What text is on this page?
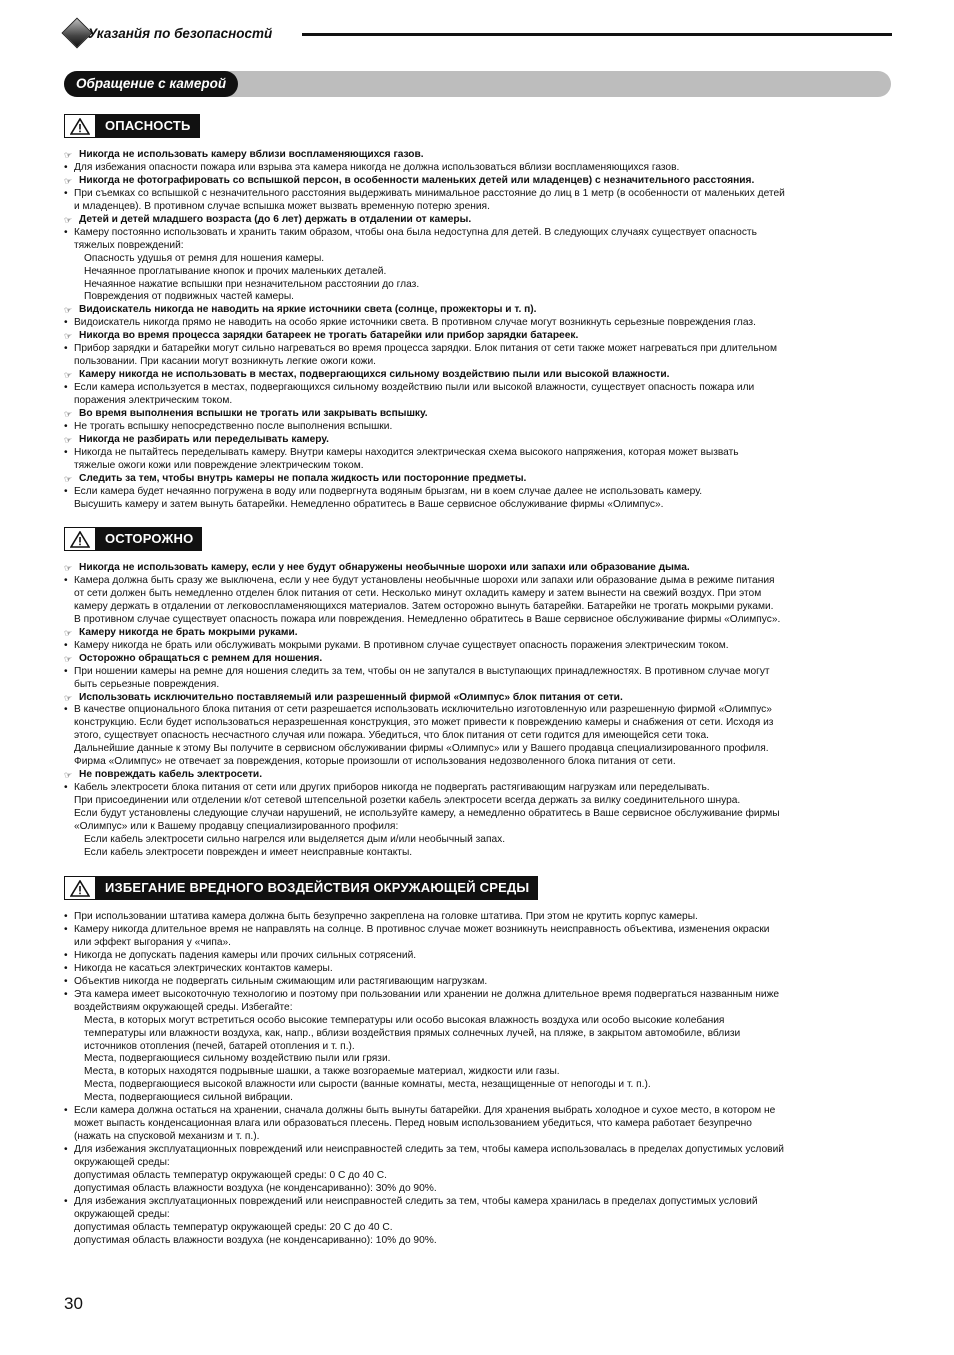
Указанйя по безопасностй
Обращение с камерой
ОПАСНОСТЬ

☞ Никогда не использовать камеру вблизи воспламеняющихся газов.

• Для избежания опасности пожара или взрыва эта камера никогда не должна использоваться вблизи воспламеняющихся газов.

☞ Никогда не фотографировать со вспышкой персон, в особенности маленьких детей или младенцев) с незначительного расстояния.

• При съемках со вспышкой с незначительного расстояния выдерживать минимальное расстояние до лиц в 1 метр (в особенности от маленьких детей

и младенцев). В противном случае вспышка может вызвать временную потерю зрения.

☞ Детей и детей младшего возраста (до 6 лет) держать в отдалении от камеры.

• Камеру постоянно использовать и хранить таким образом, чтобы она была недоступна для детей. В следующих случаях существует опасность

тяжелых повреждений:

Опасность удушья от ремня для ношения камеры.

Нечаянное проглатывание кнопок и прочих маленьких деталей.

Нечаянное нажатие вспышки при незначительном расстоянии до глаз.

Повреждения от подвижных частей камеры.

☞ Видоискатель никогда не наводить на яркие источники света (солнце, прожекторы и т. п).

• Видоискатель никогда прямо не наводить на особо яркие источники света. В противном случае могут возникнуть серьезные повреждения глаз.

☞ Никогда во время процесса зарядки батареек не трогать батарейки или прибор зарядки батареек.

• Прибор зарядки и батарейки могут сильно нагреваться во время процесса зарядки. Блок питания от сети также может нагреваться при длительном

пользовании. При касании могут возникнуть легкие ожоги кожи.

☞ Камеру никогда не использовать в местах, подвергающихся сильному воздействию пыли или высокой влажности.

• Если камера используется в местах, подвергающихся сильному воздействию пыли или высокой влажности, существует опасность пожара или

поражения электрическим током.

☞ Во время выполнения вспышки не трогать или закрывать вспышку.

• Не трогать вспышку непосредственно после выполнения вспышки.

☞ Никогда не разбирать или переделывать камеру.

• Никогда не пытайтесь переделывать камеру. Внутри камеры находится электрическая схема высокого напряжения, которая может вызвать

тяжелые ожоги кожи или повреждение электрическим током.

☞ Следить за тем, чтобы внутрь камеры не попала жидкость или посторонние предметы.

• Если камера будет нечаянно погружена в воду или подвергнута водяным брызгам, ни в коем случае далее не использовать камеру.

Высушить камеру и затем вынуть батарейки. Немедленно обратитесь в Ваше сервисное обслуживание фирмы «Олимпус».

ОСТОРОЖНО

☞ Никогда не использовать камеру, если у нее будут обнаружены необычные шорохи или запахи или образование дыма.

• Камера должна быть сразу же выключена, если у нее будут установлены необычные шорохи или запахи или образование дыма в режиме питания

от сети должен быть немедленно отделен блок питания от сети. Несколько минут охладить камеру и затем вынести на свежий воздух. При этом

камеру держать в отдалении от легковоспламеняющихся материалов. Затем осторожно вынуть батарейки. Батарейки не трогать мокрыми руками.

В противном случае существует опасность пожара или повреждения. Немедленно обратитесь в Ваше сервисное обслуживание фирмы «Олимпус».

☞ Камеру никогда не брать мокрыми руками.

• Камеру никогда не брать или обслуживать мокрыми руками. В противном случае существует опасность поражения электрическим током.

☞ Осторожно обращаться с ремнем для ношения.

• При ношении камеры на ремне для ношения следить за тем, чтобы он не запутался в выступающих принадлежностях. В противном случае могут

быть серьезные повреждения.

☞ Использовать исключительно поставляемый или разрешенный фирмой «Олимпус» блок питания от сети.

• В качестве опционального блока питания от сети разрешается использовать исключительно изготовленную или разрешенную фирмой «Олимпус»

конструкцию. Если будет использоваться неразрешенная конструкция, это может привести к повреждению камеры и снабжения от сети. Исходя из

этого, существует опасность несчастного случая или пожара. Убедиться, что блок питания от сети годится для имеющейся сети тока.

Дальнейшие данные к этому Вы получите в сервисном обслуживании фирмы «Олимпус» или у Вашего продавца специализированного профиля.

Фирма «Олимпус» не отвечает за повреждения, которые произошли от использования недозволенного блока питания от сети.

☞ Не повреждать кабель электросети.

• Кабель электросети блока питания от сети или других приборов никогда не подвергать растягивающим нагрузкам или переделывать.

При присоединении или отделении к/от сетевой штепсельной розетки кабель электросети всегда держать за вилку соединительного шнура.

Если будут установлены следующие случаи нарушений, не используйте камеру, а немедленно обратитесь в Ваше сервисное обслуживание фирмы

«Олимпус» или к Вашему продавцу специализированного профиля:

Если кабель электросети сильно нагрелся или выделяется дым и/или необычный запах.

Если кабель электросети поврежден и имеет неисправные контакты.

ИЗБЕГАНИЕ ВРЕДНОГО ВОЗДЕЙСТВИЯ ОКРУЖАЮЩЕЙ СРЕДЫ

• При использовании штатива камера должна быть безупречно закреплена на головке штатива. При этом не крутить корпус камеры.

• Камеру никогда длительное время не направлять на солнце. В противнос случае может возникнуть неисправность объектива, изменения окраски

или эффект выгорания у «чипа».

• Никогда не допускать падения камеры или прочих сильных сотрясений.

• Никогда не касаться электрических контактов камеры.

• Объектив никогда не подвергать сильным сжимающим или растягивающим нагрузкам.

• Эта камера имеет высокоточную технологию и поэтому при пользовании или хранении не должна длительное время подвергаться названным ниже

воздействиям окружающей среды. Избегайте:

Места, в которых могут встретиться особо высокие температуры или особо высокая влажность воздуха или особо высокие колебания

температуры или влажности воздуха, как, напр., вблизи воздействия прямых солнечных лучей, на пляже, в закрытом автомобиле, вблизи

источников отопления (печей, батарей отопления и т. п.).

Места, подвергающиеся сильному воздействию пыли или грязи.

Места, в которых находятся подрывные шашки, а также возгораемые материал, жидкости или газы.

Места, подвергающиеся высокой влажности или сырости (ванные комнаты, места, незащищенные от непогоды и т. п.).

Места, подвергающиеся сильной вибрации.

• Если камера должна остаться на хранении, сначала должны быть вынуты батарейки. Для хранения выбрать холодное и сухое место, в котором не

может выпасть конденсационная влага или образоваться плесень. Перед новым использованием убедиться, что камера работает безупречно

(нажать на спусковой механизм и т. п.).

• Для избежания эксплуатационных повреждений или неисправностей следить за тем, чтобы камера использовалась в пределах допустимых условий

окружающей среды:

допустимая область температур окружающей среды: 0 C до 40 C.

допустимая область влажности воздуха (не конденсариванно): 30% до 90%.

• Для избежания эксплуатационных повреждений или неисправностей следить за тем, чтобы камера хранилась в пределах допустимых условий

окружающей среды:

допустимая область температур окружающей среды: 20 C до 40 C.

допустимая область влажности воздуха (не конденсариванно): 10% до 90%.

30
